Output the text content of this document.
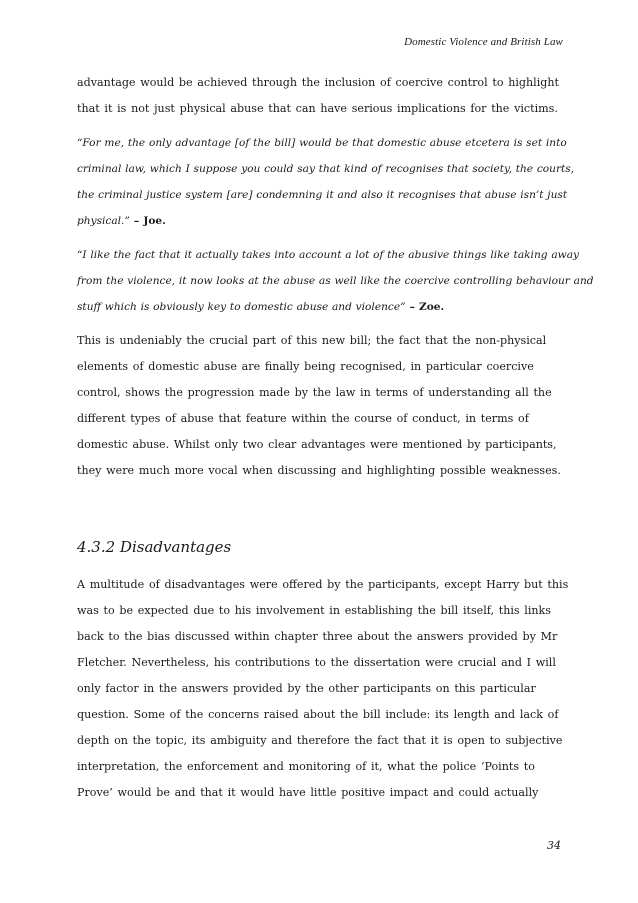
Domestic Violence and British Law
advantage would be achieved through the inclusion of coercive control to highlight
that it is not just physical abuse that can have serious implications for the victims.
“For me, the only advantage [of the bill] would be that domestic abuse etcetera is set into
criminal law, which I suppose you could say that kind of recognises that society, the courts,
the criminal justice system [are] condemning it and also it recognises that abuse isn’t just
physical.” – Joe.
“I like the fact that it actually takes into account a lot of the abusive things like taking away
from the violence, it now looks at the abuse as well like the coercive controlling behaviour and
stuff which is obviously key to domestic abuse and violence” – Zoe.
This is undeniably the crucial part of this new bill; the fact that the non-physical
elements of domestic abuse are finally being recognised, in particular coercive
control, shows the progression made by the law in terms of understanding all the
different types of abuse that feature within the course of conduct, in terms of
domestic abuse. Whilst only two clear advantages were mentioned by participants,
they were much more vocal when discussing and highlighting possible weaknesses.
4.3.2 Disadvantages
A multitude of disadvantages were offered by the participants, except Harry but this
was to be expected due to his involvement in establishing the bill itself, this links
back to the bias discussed within chapter three about the answers provided by Mr
Fletcher. Nevertheless, his contributions to the dissertation were crucial and I will
only factor in the answers provided by the other participants on this particular
question. Some of the concerns raised about the bill include: its length and lack of
depth on the topic, its ambiguity and therefore the fact that it is open to subjective
interpretation, the enforcement and monitoring of it, what the police ‘Points to
Prove’ would be and that it would have little positive impact and could actually
34
